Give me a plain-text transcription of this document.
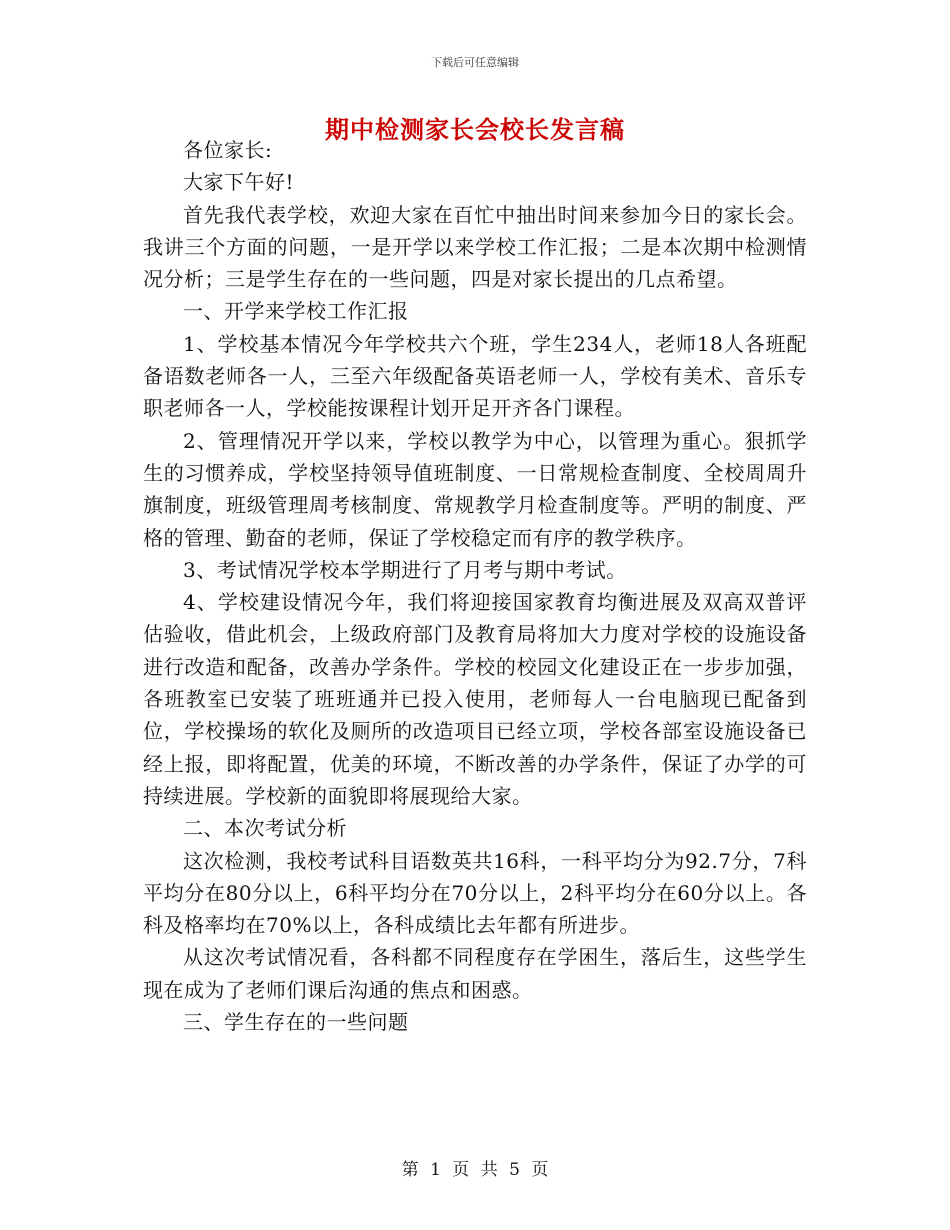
下载后可任意编辑
期中检测家长会校长发言稿

各位家长:

大家下午好!

首先我代表学校，欢迎大家在百忙中抽出时间来参加今日的家长会。我讲三个方面的问题，一是开学以来学校工作汇报；二是本次期中检测情况分析；三是学生存在的一些问题，四是对家长提出的几点希望。

一、开学来学校工作汇报

1、学校基本情况今年学校共六个班，学生234人，老师18人各班配备语数老师各一人，三至六年级配备英语老师一人，学校有美术、音乐专职老师各一人，学校能按课程计划开足开齐各门课程。

2、管理情况开学以来，学校以教学为中心，以管理为重心。狠抓学生的习惯养成，学校坚持领导值班制度、一日常规检查制度、全校周周升旗制度，班级管理周考核制度、常规教学月检查制度等。严明的制度、严格的管理、勤奋的老师，保证了学校稳定而有序的教学秩序。

3、考试情况学校本学期进行了月考与期中考试。

4、学校建设情况今年，我们将迎接国家教育均衡进展及双高双普评估验收，借此机会，上级政府部门及教育局将加大力度对学校的设施设备进行改造和配备，改善办学条件。学校的校园文化建设正在一步步加强，各班教室已安装了班班通并已投入使用，老师每人一台电脑现已配备到位，学校操场的软化及厕所的改造项目已经立项，学校各部室设施设备已经上报，即将配置，优美的环境，不断改善的办学条件，保证了办学的可持续进展。学校新的面貌即将展现给大家。

二、本次考试分析

这次检测，我校考试科目语数英共16科，一科平均分为92.7分，7科平均分在80分以上，6科平均分在70分以上，2科平均分在60分以上。各科及格率均在70%以上，各科成绩比去年都有所进步。

从这次考试情况看，各科都不同程度存在学困生，落后生，这些学生现在成为了老师们课后沟通的焦点和困惑。

三、学生存在的一些问题

第 1 页 共 5 页
